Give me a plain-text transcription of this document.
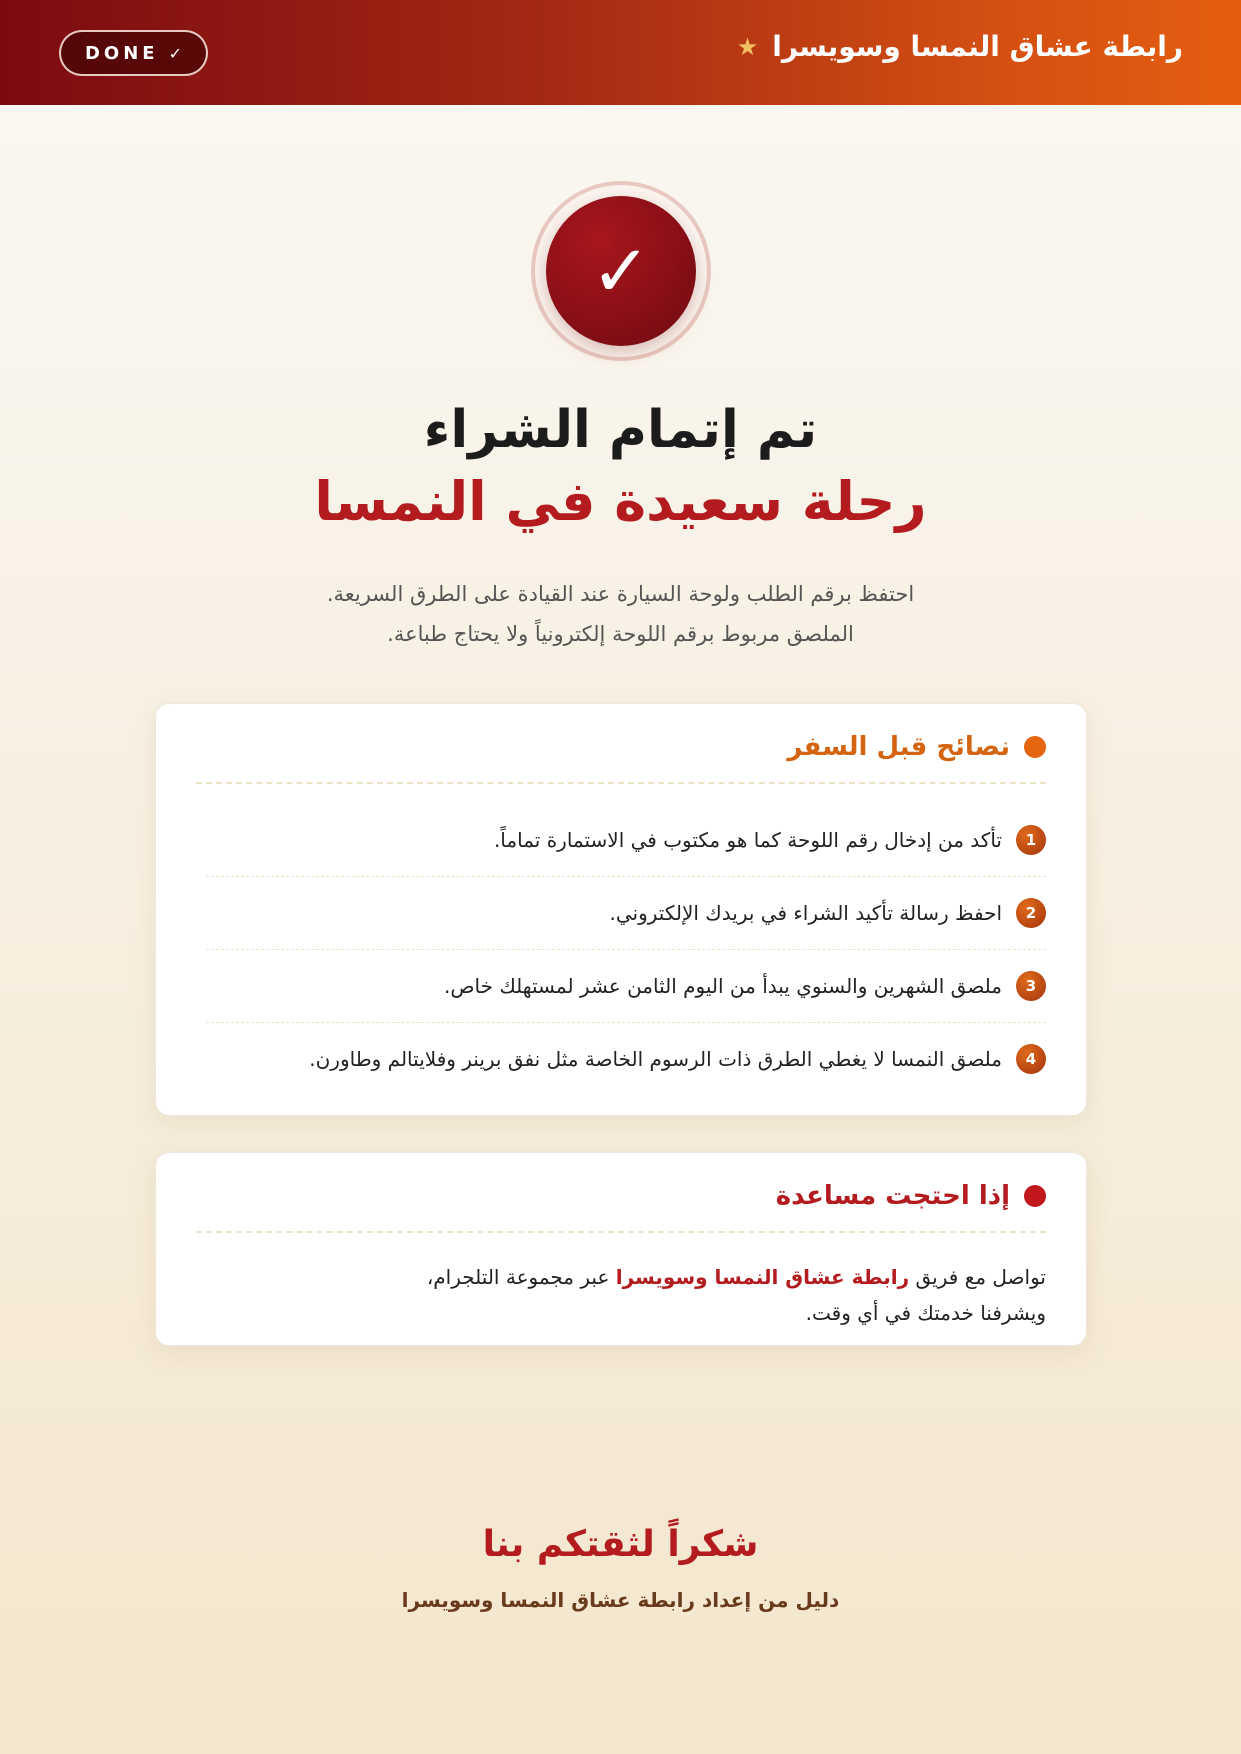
رابطة عشاق النمسا وسويسرا
★
DONE ✓
✓
تم إتمام الشراء
رحلة سعيدة في النمسا
احتفظ برقم الطلب ولوحة السيارة عند القيادة على الطرق السريعة.
الملصق مربوط برقم اللوحة إلكترونياً ولا يحتاج طباعة.
نصائح قبل السفر
1
تأكد من إدخال رقم اللوحة كما هو مكتوب في الاستمارة تماماً.
2
احفظ رسالة تأكيد الشراء في بريدك الإلكتروني.
3
ملصق الشهرين والسنوي يبدأ من اليوم الثامن عشر لمستهلك خاص.
4
ملصق النمسا لا يغطي الطرق ذات الرسوم الخاصة مثل نفق برينر وفلايتالم وطاورن.
إذا احتجت مساعدة
تواصل مع فريق رابطة عشاق النمسا وسويسرا عبر مجموعة التلجرام،
ويشرفنا خدمتك في أي وقت.
شكراً لثقتكم بنا
دليل من إعداد رابطة عشاق النمسا وسويسرا
